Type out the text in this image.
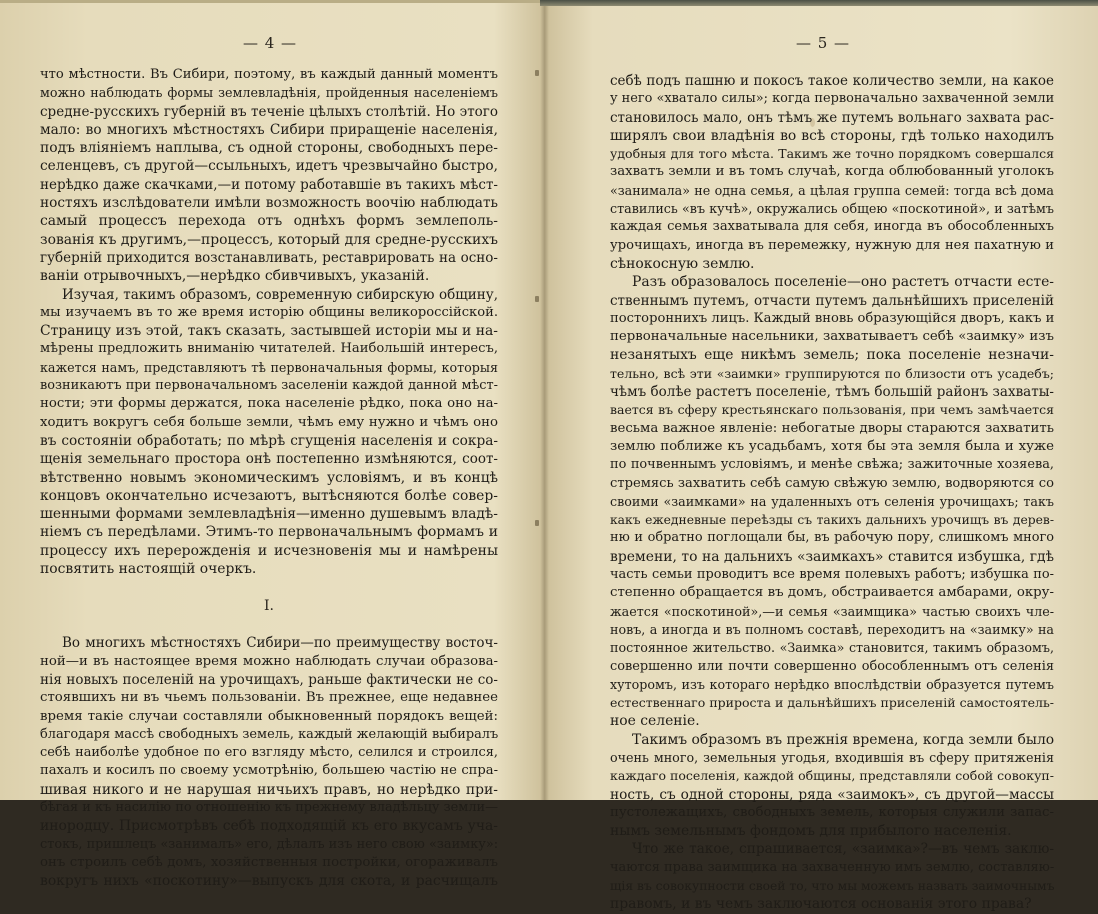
— 4 —
что мѣстности. Въ Сибири, поэтому, въ каждый данный моментъ
можно наблюдать формы землевладѣнія, пройденныя населеніемъ
средне-русскихъ губерній въ теченіе цѣлыхъ столѣтій. Но этого
мало: во многихъ мѣстностяхъ Сибири приращеніе населенія,
подъ вліяніемъ наплыва, съ одной стороны, свободныхъ пере-
селенцевъ, съ другой—ссыльныхъ, идетъ чрезвычайно быстро,
нерѣдко даже скачками,—и потому работавшіе въ такихъ мѣст-
ностяхъ изслѣдователи имѣли возможность воочію наблюдать
самый процессъ перехода отъ однѣхъ формъ землеполь-
зованія къ другимъ,—процессъ, который для средне-русскихъ
губерній приходится возстанавливать, реставрировать на осно-
ваніи отрывочныхъ,—нерѣдко сбивчивыхъ, указаній.
Изучая, такимъ образомъ, современную сибирскую общину,
мы изучаемъ въ то же время исторію общины великороссійской.
Страницу изъ этой, такъ сказать, застывшей исторіи мы и на-
мѣрены предложить вниманію читателей. Наибольшій интересъ,
кажется намъ, представляютъ тѣ первоначальныя формы, которыя
возникаютъ при первоначальномъ заселеніи каждой данной мѣст-
ности; эти формы держатся, пока населеніе рѣдко, пока оно на-
ходитъ вокругъ себя больше земли, чѣмъ ему нужно и чѣмъ оно
въ состояніи обработать; по мѣрѣ сгущенія населенія и сокра-
щенія земельнаго простора онѣ постепенно измѣняются, соот-
вѣтственно новымъ экономическимъ условіямъ, и въ концѣ
концовъ окончательно исчезаютъ, вытѣсняются болѣе совер-
шенными формами землевладѣнія—именно душевымъ владѣ-
ніемъ съ передѣлами. Этимъ-то первоначальнымъ формамъ и
процессу ихъ перерожденія и исчезновенія мы и намѣрены
посвятить настоящій очеркъ.
I.
Во многихъ мѣстностяхъ Сибири—по преимуществу восточ-
ной—и въ настоящее время можно наблюдать случаи образова-
нія новыхъ поселеній на урочищахъ, раньше фактически не со-
стоявшихъ ни въ чьемъ пользованіи. Въ прежнее, еще недавнее
время такіе случаи составляли обыкновенный порядокъ вещей:
благодаря массѣ свободныхъ земель, каждый желающій выбиралъ
себѣ наиболѣе удобное по его взгляду мѣсто, селился и строился,
пахалъ и косилъ по своему усмотрѣнію, большею частію не спра-
шивая никого и не нарушая ничьихъ правъ, но нерѣдко при-
бѣгая и къ насилію по отношенію къ прежнему владѣльцу земли—
инородцу. Присмотрѣвъ себѣ подходящій къ его вкусамъ уча-
стокъ, пришлецъ «занималъ» его, дѣлалъ изъ него свою «заимку»:
онъ строилъ себѣ домъ, хозяйственныя постройки, огораживалъ
вокругъ нихъ «поскотину»—выпускъ для скота, и расчищалъ
— 5 —
себѣ подъ пашню и покосъ такое количество земли, на какое
у него «хватало силы»; когда первоначально захваченной земли
становилось мало, онъ тѣмъ же путемъ вольнаго захвата рас-
ширялъ свои владѣнія во всѣ стороны, гдѣ только находилъ
удобныя для того мѣста. Такимъ же точно порядкомъ совершался
захватъ земли и въ томъ случаѣ, когда облюбованный уголокъ
«занимала» не одна семья, а цѣлая группа семей: тогда всѣ дома
ставились «въ кучѣ», окружались общею «поскотиной», и затѣмъ
каждая семья захватывала для себя, иногда въ обособленныхъ
урочищахъ, иногда въ перемежку, нужную для нея пахатную и
сѣнокосную землю.
Разъ образовалось поселеніе—оно растетъ отчасти есте-
ственнымъ путемъ, отчасти путемъ дальнѣйшихъ приселеній
постороннихъ лицъ. Каждый вновь образующійся дворъ, какъ и
первоначальные насельники, захватываетъ себѣ «заимку» изъ
незанятыхъ еще никѣмъ земель; пока поселеніе незначи-
тельно, всѣ эти «заимки» группируются по близости отъ усадебъ;
чѣмъ болѣе растетъ поселеніе, тѣмъ большій районъ захваты-
вается въ сферу крестьянскаго пользованія, при чемъ замѣчается
весьма важное явленіе: небогатые дворы стараются захватить
землю поближе къ усадьбамъ, хотя бы эта земля была и хуже
по почвеннымъ условіямъ, и менѣе свѣжа; зажиточные хозяева,
стремясь захватить себѣ самую свѣжую землю, водворяются со
своими «заимками» на удаленныхъ отъ селенія урочищахъ; такъ
какъ ежедневные переѣзды съ такихъ дальнихъ урочищъ въ дерев-
ню и обратно поглощали бы, въ рабочую пору, слишкомъ много
времени, то на дальнихъ «заимкахъ» ставится избушка, гдѣ
часть семьи проводитъ все время полевыхъ работъ; избушка по-
степенно обращается въ домъ, обстраивается амбарами, окру-
жается «поскотиной»,—и семья «заимщика» частью своихъ чле-
новъ, а иногда и въ полномъ составѣ, переходитъ на «заимку» на
постоянное жительство. «Заимка» становится, такимъ образомъ,
совершенно или почти совершенно обособленнымъ отъ селенія
хуторомъ, изъ котораго нерѣдко впослѣдствіи образуется путемъ
естественнаго прироста и дальнѣйшихъ приселеній самостоятель-
ное селеніе.
Такимъ образомъ въ прежнія времена, когда земли было
очень много, земельныя угодья, входившія въ сферу притяженія
каждаго поселенія, каждой общины, представляли собой совокуп-
ность, съ одной стороны, ряда «заимокъ», съ другой—массы
пустолежащихъ, свободныхъ земель, которыя служили запас-
нымъ земельнымъ фондомъ для прибылого населенія.
Что же такое, спрашивается, «заимка»?—въ чемъ заклю-
чаются права заимщика на захваченную имъ землю, составляю-
щія въ совокупности своей то, что мы можемъ назвать заимочнымъ
правомъ, и въ чемъ заключаются основанія этого права?
